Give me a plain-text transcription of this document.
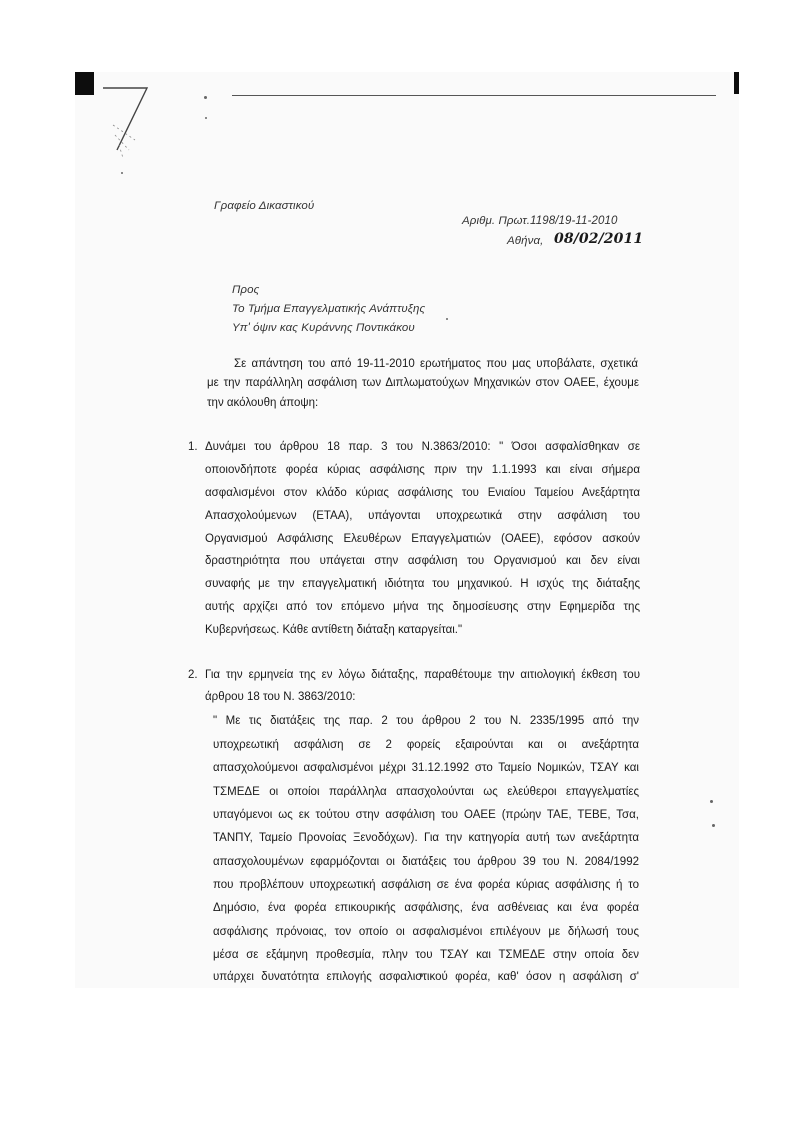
Γραφείο Δικαστικού
Αριθμ. Πρωτ.1198/19-11-2010
Αθήνα, 08/02/2011
Προς
Το Τμήμα Επαγγελματικής Ανάπτυξης
Υπ' όψιν κας Κυράννης Ποντικάκου
Σε απάντηση του από 19-11-2010 ερωτήματος που μας υποβάλατε, σχετικά
με την παράλληλη ασφάλιση των Διπλωματούχων Μηχανικών στον ΟΑΕΕ, έχουμε
την ακόλουθη άποψη:
1. Δυνάμει του άρθρου 18 παρ. 3 του Ν.3863/2010: " Όσοι ασφαλίσθηκαν σε
οποιονδήποτε φορέα κύριας ασφάλισης πριν την 1.1.1993 και είναι σήμερα
ασφαλισμένοι στον κλάδο κύριας ασφάλισης του Ενιαίου Ταμείου Ανεξάρτητα
Απασχολούμενων (ΕΤΑΑ), υπάγονται υποχρεωτικά στην ασφάλιση του
Οργανισμού Ασφάλισης Ελευθέρων Επαγγελματιών (ΟΑΕΕ), εφόσον ασκούν
δραστηριότητα που υπάγεται στην ασφάλιση του Οργανισμού και δεν είναι
συναφής με την επαγγελματική ιδιότητα του μηχανικού. Η ισχύς της διάταξης
αυτής αρχίζει από τον επόμενο μήνα της δημοσίευσης στην Εφημερίδα της
Κυβερνήσεως. Κάθε αντίθετη διάταξη καταργείται."
2. Για την ερμηνεία της εν λόγω διάταξης, παραθέτουμε την αιτιολογική έκθεση του
άρθρου 18 του Ν. 3863/2010:
" Με τις διατάξεις της παρ. 2 του άρθρου 2 του Ν. 2335/1995 από την
υποχρεωτική ασφάλιση σε 2 φορείς εξαιρούνται και οι ανεξάρτητα
απασχολούμενοι ασφαλισμένοι μέχρι 31.12.1992 στο Ταμείο Νομικών, ΤΣΑΥ και
ΤΣΜΕΔΕ οι οποίοι παράλληλα απασχολούνται ως ελεύθεροι επαγγελματίες
υπαγόμενοι ως εκ τούτου στην ασφάλιση του ΟΑΕΕ (πρώην ΤΑΕ, ΤΕΒΕ, Τσα,
ΤΑΝΠΥ, Ταμείο Προνοίας Ξενοδόχων). Για την κατηγορία αυτή των ανεξάρτητα
απασχολουμένων εφαρμόζονται οι διατάξεις του άρθρου 39 του Ν. 2084/1992
που προβλέπουν υποχρεωτική ασφάλιση σε ένα φορέα κύριας ασφάλισης ή το
Δημόσιο, ένα φορέα επικουρικής ασφάλισης, ένα ασθένειας και ένα φορέα
ασφάλισης πρόνοιας, τον οποίο οι ασφαλισμένοι επιλέγουν με δήλωσή τους
μέσα σε εξάμηνη προθεσμία, πλην του ΤΣΑΥ και ΤΣΜΕΔΕ στην οποία δεν
υπάρχει δυνατότητα επιλογής ασφαλιστικού φορέα, καθ' όσον η ασφάλιση σ'
